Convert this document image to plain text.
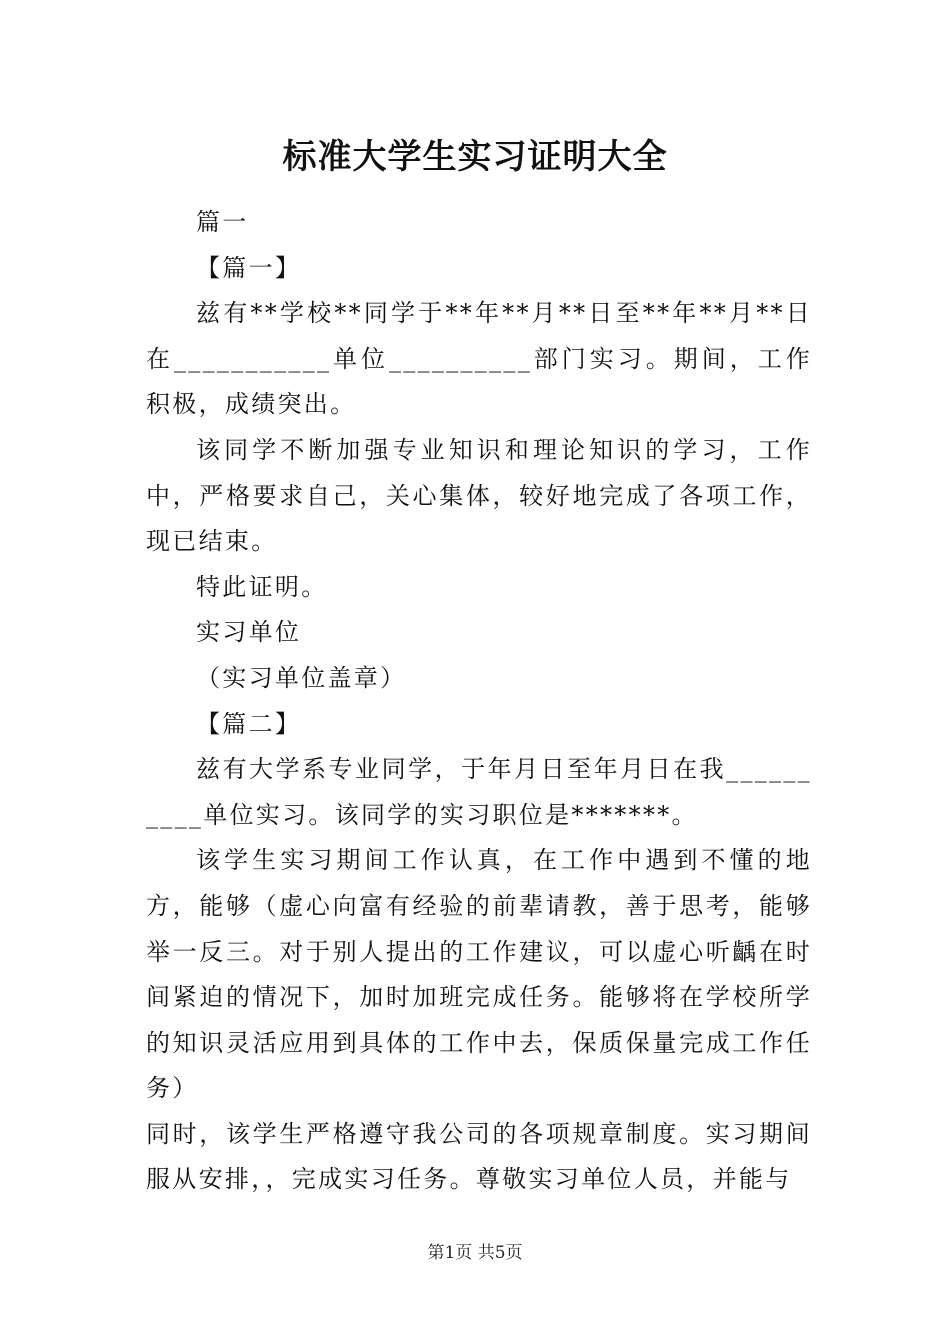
标准大学生实习证明大全

篇一

【篇一】

兹有**学校**同学于**年**月**日至**年**月**日在___________单位__________部门实习。期间，工作积极，成绩突出。

该同学不断加强专业知识和理论知识的学习，工作中，严格要求自己，关心集体，较好地完成了各项工作，现已结束。

特此证明。

实习单位

（实习单位盖章）

【篇二】

兹有大学系专业同学，于年月日至年月日在我__________单位实习。该同学的实习职位是*******。

该学生实习期间工作认真，在工作中遇到不懂的地方，能够（虚心向富有经验的前辈请教，善于思考，能够举一反三。对于别人提出的工作建议，可以虚心听齲在时间紧迫的情况下，加时加班完成任务。能够将在学校所学的知识灵活应用到具体的工作中去，保质保量完成工作任务）

同时，该学生严格遵守我公司的各项规章制度。实习期间服从安排，，完成实习任务。尊敬实习单位人员，并能与

第1页 共5页
